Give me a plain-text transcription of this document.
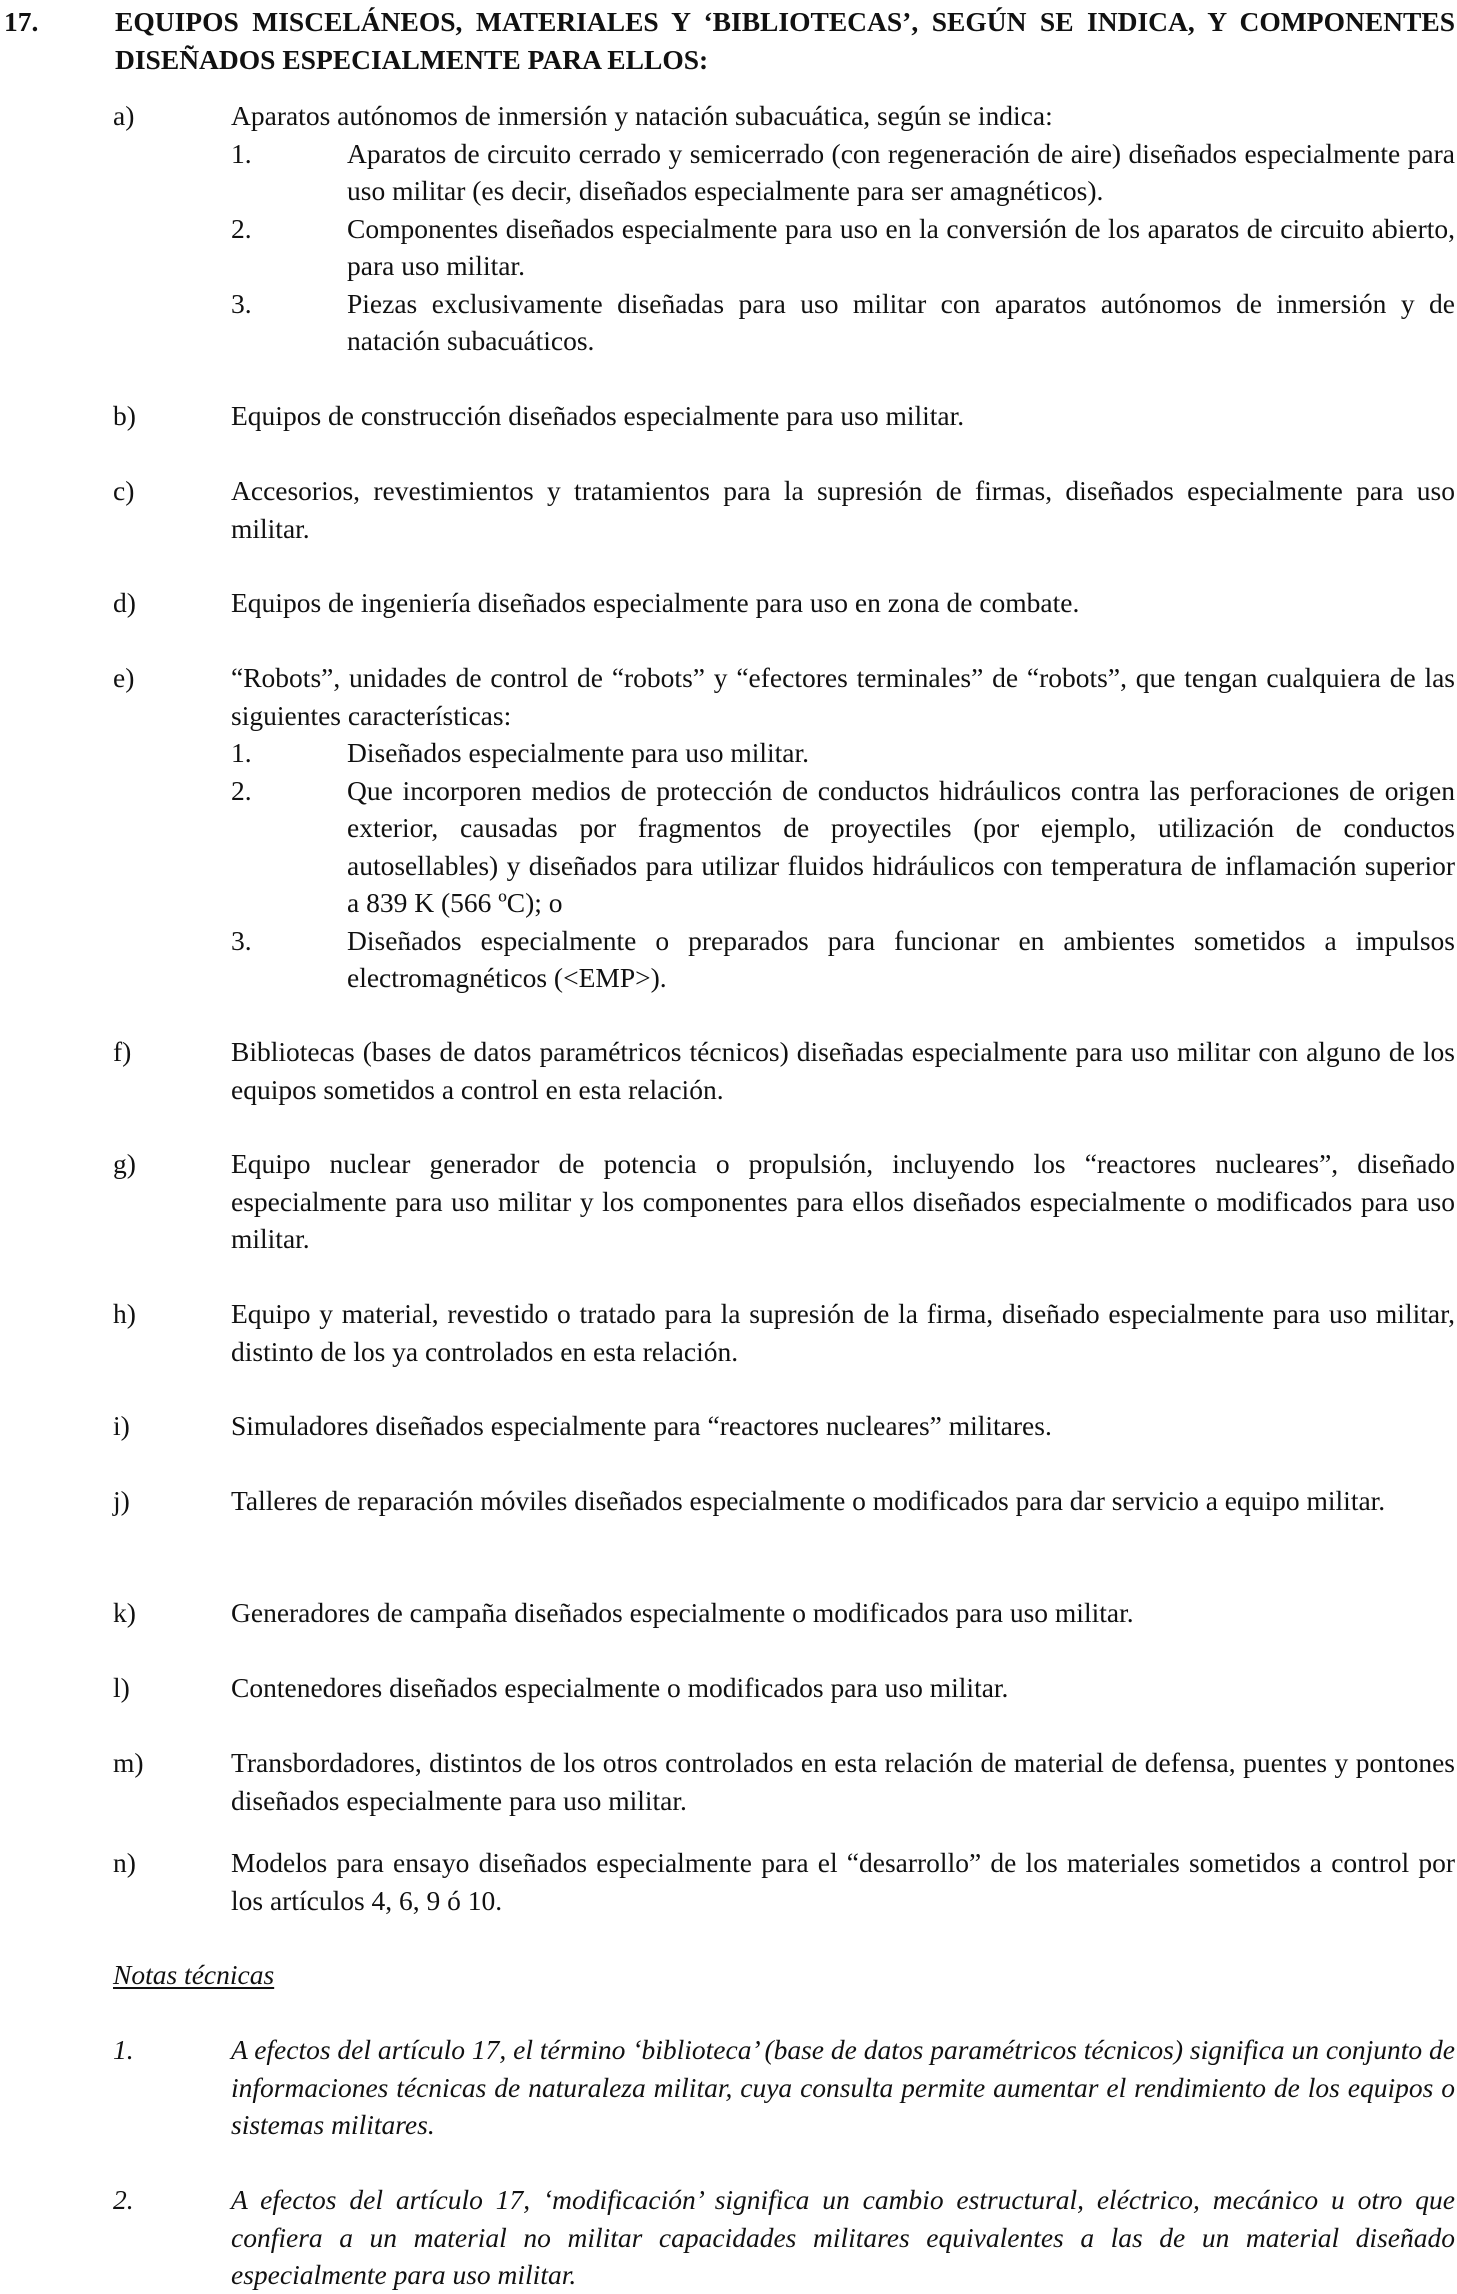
17.	EQUIPOS MISCELÁNEOS, MATERIALES Y ‘BIBLIOTECAS’, SEGÚN SE INDICA, Y COMPONENTES DISEÑADOS ESPECIALMENTE PARA ELLOS:
a)	Aparatos autónomos de inmersión y natación subacuática, según se indica:
1.	Aparatos de circuito cerrado y semicerrado (con regeneración de aire) diseñados especialmente para uso militar (es decir, diseñados especialmente para ser amagnéticos).
2.	Componentes diseñados especialmente para uso en la conversión de los aparatos de circuito abierto, para uso militar.
3.	Piezas exclusivamente diseñadas para uso militar con aparatos autónomos de inmersión y de natación subacuáticos.
b)	Equipos de construcción diseñados especialmente para uso militar.
c)	Accesorios, revestimientos y tratamientos para la supresión de firmas, diseñados especialmente para uso militar.
d)	Equipos de ingeniería diseñados especialmente para uso en zona de combate.
e)	“Robots”, unidades de control de “robots” y “efectores terminales” de “robots”, que tengan cualquiera de las siguientes características:
1.	Diseñados especialmente para uso militar.
2.	Que incorporen medios de protección de conductos hidráulicos contra las perforaciones de origen exterior, causadas por fragmentos de proyectiles (por ejemplo, utilización de conductos autosellables) y diseñados para utilizar fluidos hidráulicos con temperatura de inflamación superior a 839 K (566 ºC); o
3.	Diseñados especialmente o preparados para funcionar en ambientes sometidos a impulsos electromagnéticos (<EMP>).
f)	Bibliotecas (bases de datos paramétricos técnicos) diseñadas especialmente para uso militar con alguno de los equipos sometidos a control en esta relación.
g)	Equipo nuclear generador de potencia o propulsión, incluyendo los “reactores nucleares”, diseñado especialmente para uso militar y los componentes para ellos diseñados especialmente o modificados para uso militar.
h)	Equipo y material, revestido o tratado para la supresión de la firma, diseñado especialmente para uso militar, distinto de los ya controlados en esta relación.
i)	Simuladores diseñados especialmente para “reactores nucleares” militares.
j)	Talleres de reparación móviles diseñados especialmente o modificados para dar servicio a equipo militar.
k)	Generadores de campaña diseñados especialmente o modificados para uso militar.
l)	Contenedores diseñados especialmente o modificados para uso militar.
m)	Transbordadores, distintos de los otros controlados en esta relación de material de defensa, puentes y pontones diseñados especialmente para uso militar.
n)	Modelos para ensayo diseñados especialmente para el “desarrollo” de los materiales sometidos a control por los artículos 4, 6, 9 ó 10.
Notas técnicas
1.	A efectos del artículo 17, el término ‘biblioteca’ (base de datos paramétricos técnicos) significa un conjunto de informaciones técnicas de naturaleza militar, cuya consulta permite aumentar el rendimiento de los equipos o sistemas militares.
2.	A efectos del artículo 17, ‘modificación’ significa un cambio estructural, eléctrico, mecánico u otro que confiera a un material no militar capacidades militares equivalentes a las de un material diseñado especialmente para uso militar.
